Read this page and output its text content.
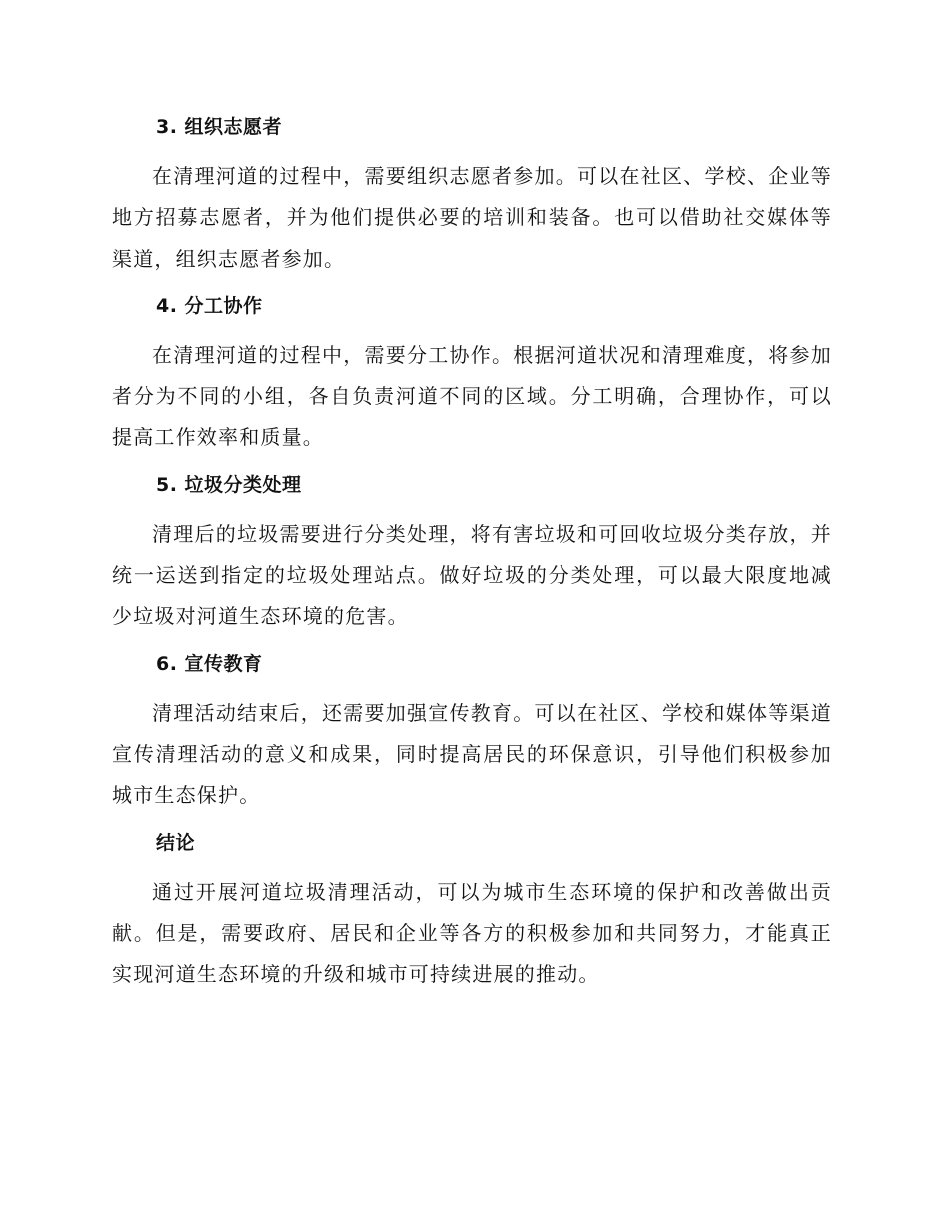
3. 组织志愿者

在清理河道的过程中，需要组织志愿者参加。可以在社区、学校、企业等地方招募志愿者，并为他们提供必要的培训和装备。也可以借助社交媒体等渠道，组织志愿者参加。

4. 分工协作

在清理河道的过程中，需要分工协作。根据河道状况和清理难度，将参加者分为不同的小组，各自负责河道不同的区域。分工明确，合理协作，可以提高工作效率和质量。

5. 垃圾分类处理

清理后的垃圾需要进行分类处理，将有害垃圾和可回收垃圾分类存放，并统一运送到指定的垃圾处理站点。做好垃圾的分类处理，可以最大限度地减少垃圾对河道生态环境的危害。

6. 宣传教育

清理活动结束后，还需要加强宣传教育。可以在社区、学校和媒体等渠道宣传清理活动的意义和成果，同时提高居民的环保意识，引导他们积极参加城市生态保护。

结论

通过开展河道垃圾清理活动，可以为城市生态环境的保护和改善做出贡献。但是，需要政府、居民和企业等各方的积极参加和共同努力，才能真正实现河道生态环境的升级和城市可持续进展的推动。
